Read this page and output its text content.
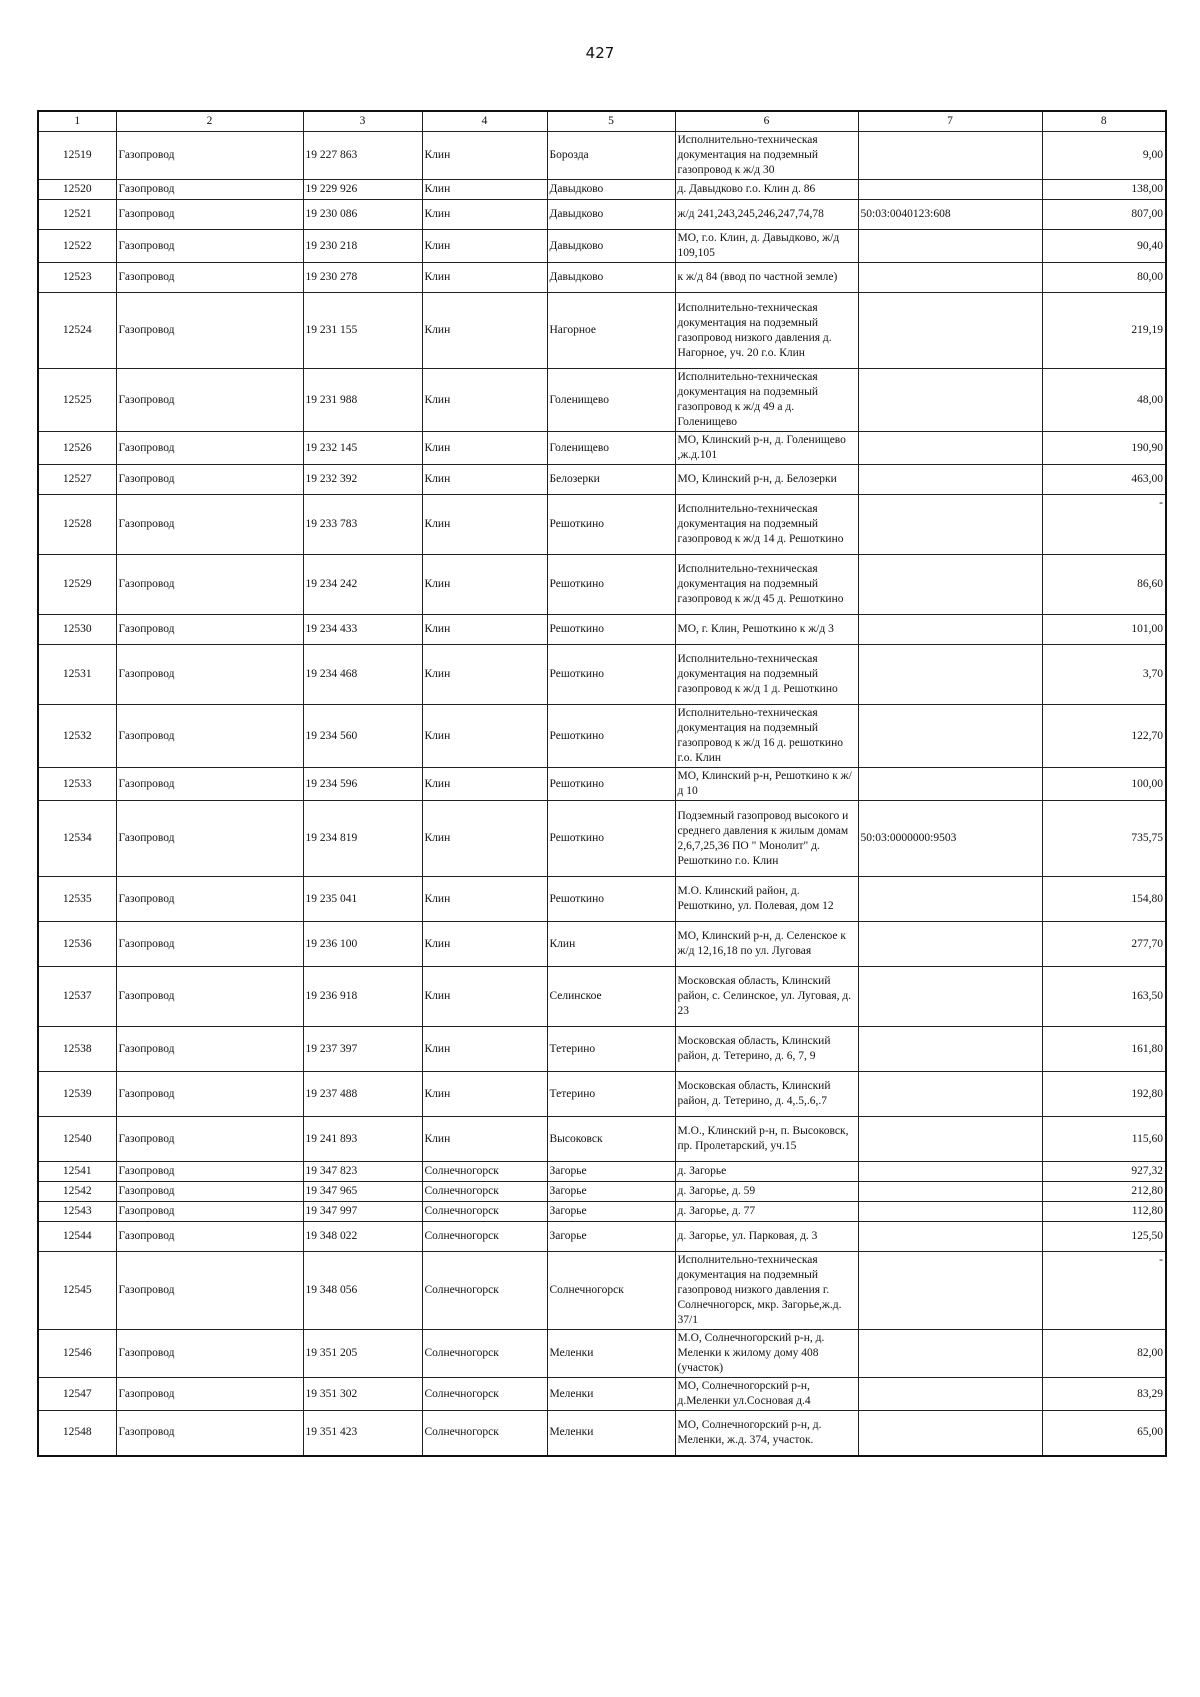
427
1	2	3	4	5	6	7	8
12519	Газопровод	19 227 863	Клин	Борозда	Исполнительно-техническая документация на подземный газопровод к ж/д 30		9,00
12520	Газопровод	19 229 926	Клин	Давыдково	д. Давыдково г.о. Клин д. 86		138,00
12521	Газопровод	19 230 086	Клин	Давыдково	ж/д 241,243,245,246,247,74,78	50:03:0040123:608	807,00
12522	Газопровод	19 230 218	Клин	Давыдково	МО, г.о. Клин, д. Давыдково, ж/д 109,105		90,40
12523	Газопровод	19 230 278	Клин	Давыдково	к ж/д 84 (ввод по частной земле)		80,00
12524	Газопровод	19 231 155	Клин	Нагорное	Исполнительно-техническая документация на подземный газопровод низкого давления д. Нагорное, уч. 20 г.о. Клин		219,19
12525	Газопровод	19 231 988	Клин	Голенищево	Исполнительно-техническая документация на подземный газопровод к ж/д 49 а д. Голенищево		48,00
12526	Газопровод	19 232 145	Клин	Голенищево	МО, Клинский р-н, д. Голенищево ,ж.д.101		190,90
12527	Газопровод	19 232 392	Клин	Белозерки	МО, Клинский р-н, д. Белозерки		463,00
12528	Газопровод	19 233 783	Клин	Решоткино	Исполнительно-техническая документация на подземный газопровод к ж/д 14 д. Решоткино		-
12529	Газопровод	19 234 242	Клин	Решоткино	Исполнительно-техническая документация на подземный газопровод к ж/д 45 д. Решоткино		86,60
12530	Газопровод	19 234 433	Клин	Решоткино	МО, г. Клин, Решоткино к ж/д 3		101,00
12531	Газопровод	19 234 468	Клин	Решоткино	Исполнительно-техническая документация на подземный газопровод к ж/д 1 д. Решоткино		3,70
12532	Газопровод	19 234 560	Клин	Решоткино	Исполнительно-техническая документация на подземный газопровод к ж/д 16 д. решоткино г.о. Клин		122,70
12533	Газопровод	19 234 596	Клин	Решоткино	МО, Клинский р-н, Решоткино к ж/д 10		100,00
12534	Газопровод	19 234 819	Клин	Решоткино	Подземный газопровод высокого и среднего давления к жилым домам 2,6,7,25,36 ПО " Монолит" д. Решоткино г.о. Клин	50:03:0000000:9503	735,75
12535	Газопровод	19 235 041	Клин	Решоткино	М.О. Клинский район, д. Решоткино, ул. Полевая, дом 12		154,80
12536	Газопровод	19 236 100	Клин	Клин	МО, Клинский р-н, д. Селенское к ж/д 12,16,18 по ул. Луговая		277,70
12537	Газопровод	19 236 918	Клин	Селинское	Московская область, Клинский район, с. Селинское, ул. Луговая, д. 23		163,50
12538	Газопровод	19 237 397	Клин	Тетерино	Московская область, Клинский район, д. Тетерино, д. 6, 7, 9		161,80
12539	Газопровод	19 237 488	Клин	Тетерино	Московская область, Клинский район, д. Тетерино, д. 4,.5,.6,.7		192,80
12540	Газопровод	19 241 893	Клин	Высоковск	М.О., Клинский р-н, п. Высоковск, пр. Пролетарский, уч.15		115,60
12541	Газопровод	19 347 823	Солнечногорск	Загорье	д. Загорье		927,32
12542	Газопровод	19 347 965	Солнечногорск	Загорье	д. Загорье, д. 59		212,80
12543	Газопровод	19 347 997	Солнечногорск	Загорье	д. Загорье, д. 77		112,80
12544	Газопровод	19 348 022	Солнечногорск	Загорье	д. Загорье, ул. Парковая, д. 3		125,50
12545	Газопровод	19 348 056	Солнечногорск	Солнечногорск	Исполнительно-техническая документация на подземный газопровод низкого давления г. Солнечногорск, мкр. Загорье,ж.д. 37/1		-
12546	Газопровод	19 351 205	Солнечногорск	Меленки	М.О, Солнечногорский р-н, д. Меленки к жилому дому 408 (участок)		82,00
12547	Газопровод	19 351 302	Солнечногорск	Меленки	МО, Солнечногорский р-н, д.Меленки ул.Сосновая д.4		83,29
12548	Газопровод	19 351 423	Солнечногорск	Меленки	МО, Солнечногорский р-н, д. Меленки, ж.д. 374, участок.		65,00
